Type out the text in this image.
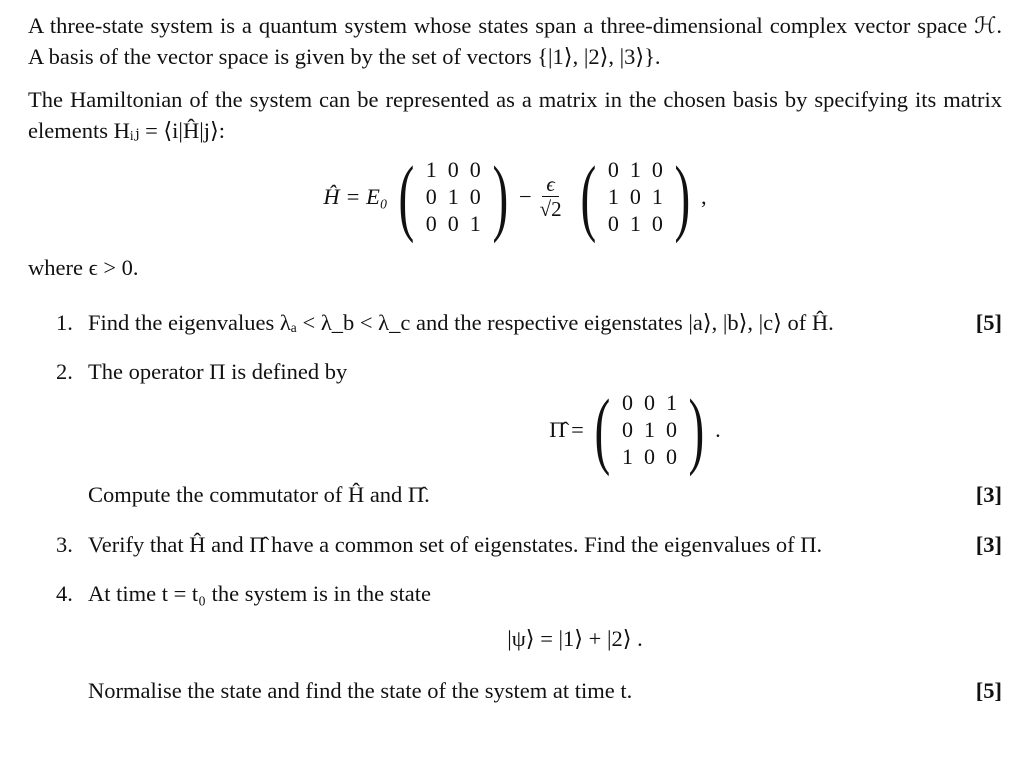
A three-state system is a quantum system whose states span a three-dimensional complex vector space ℋ. A basis of the vector space is given by the set of vectors {|1⟩, |2⟩, |3⟩}.

The Hamiltonian of the system can be represented as a matrix in the chosen basis by specifying its matrix elements Hᵢⱼ = ⟨i|Ĥ|j⟩:

Ĥ = E₀ ( 1 0 0
0 1 0
0 0 1 ) − $\frac{\epsilon}{√2}$ ( 0 1 0
1 0 1
0 1 0 ) ,

where ϵ > 0.

1. Find the eigenvalues λₐ < λ_b < λ_c and the respective eigenstates |a⟩, |b⟩, |c⟩ of Ĥ.	[5]
2. The operator Π is defined by
Π̂ = ( 0 0 1
0 1 0
1 0 0 ) .
Compute the commutator of Ĥ and Π̂.	[3]
3. Verify that Ĥ and Π̂ have a common set of eigenstates. Find the eigenvalues of Π.	[3]
4. At time t = t₀ the system is in the state
|ψ⟩ = |1⟩ + |2⟩ .
Normalise the state and find the state of the system at time t.	[5]
